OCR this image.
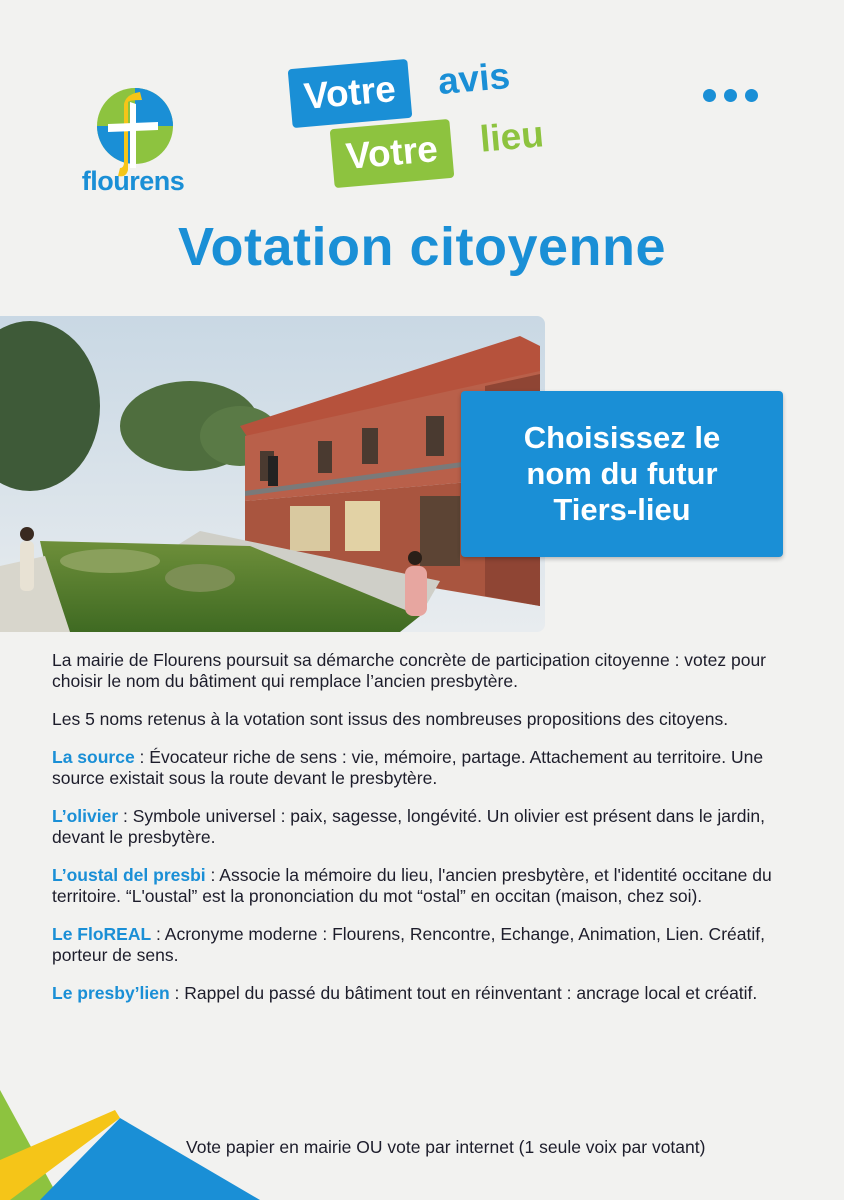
flourens
Votre	avis
Votre	lieu
Votation citoyenne
Choisissez le
nom du futur
Tiers-lieu

La mairie de Flourens poursuit sa démarche concrète de participation citoyenne : votez pour choisir le nom du bâtiment qui remplace l’ancien presbytère.

Les 5 noms retenus à la votation sont issus des nombreuses propositions des citoyens.

La source : Évocateur riche de sens : vie, mémoire, partage. Attachement au territoire. Une source existait sous la route devant le presbytère.

L’olivier : Symbole universel : paix, sagesse, longévité. Un olivier est présent dans le jardin, devant le presbytère.

L’oustal del presbi : Associe la mémoire du lieu, l'ancien presbytère, et l'identité occitane du territoire. “L'oustal” est la prononciation du mot “ostal” en occitan (maison, chez soi).

Le FloREAL : Acronyme moderne : Flourens, Rencontre, Echange, Animation, Lien. Créatif, porteur de sens.

Le presby’lien : Rappel du passé du bâtiment tout en réinventant : ancrage local et créatif.

Vote papier en mairie OU vote par internet (1 seule voix par votant)
